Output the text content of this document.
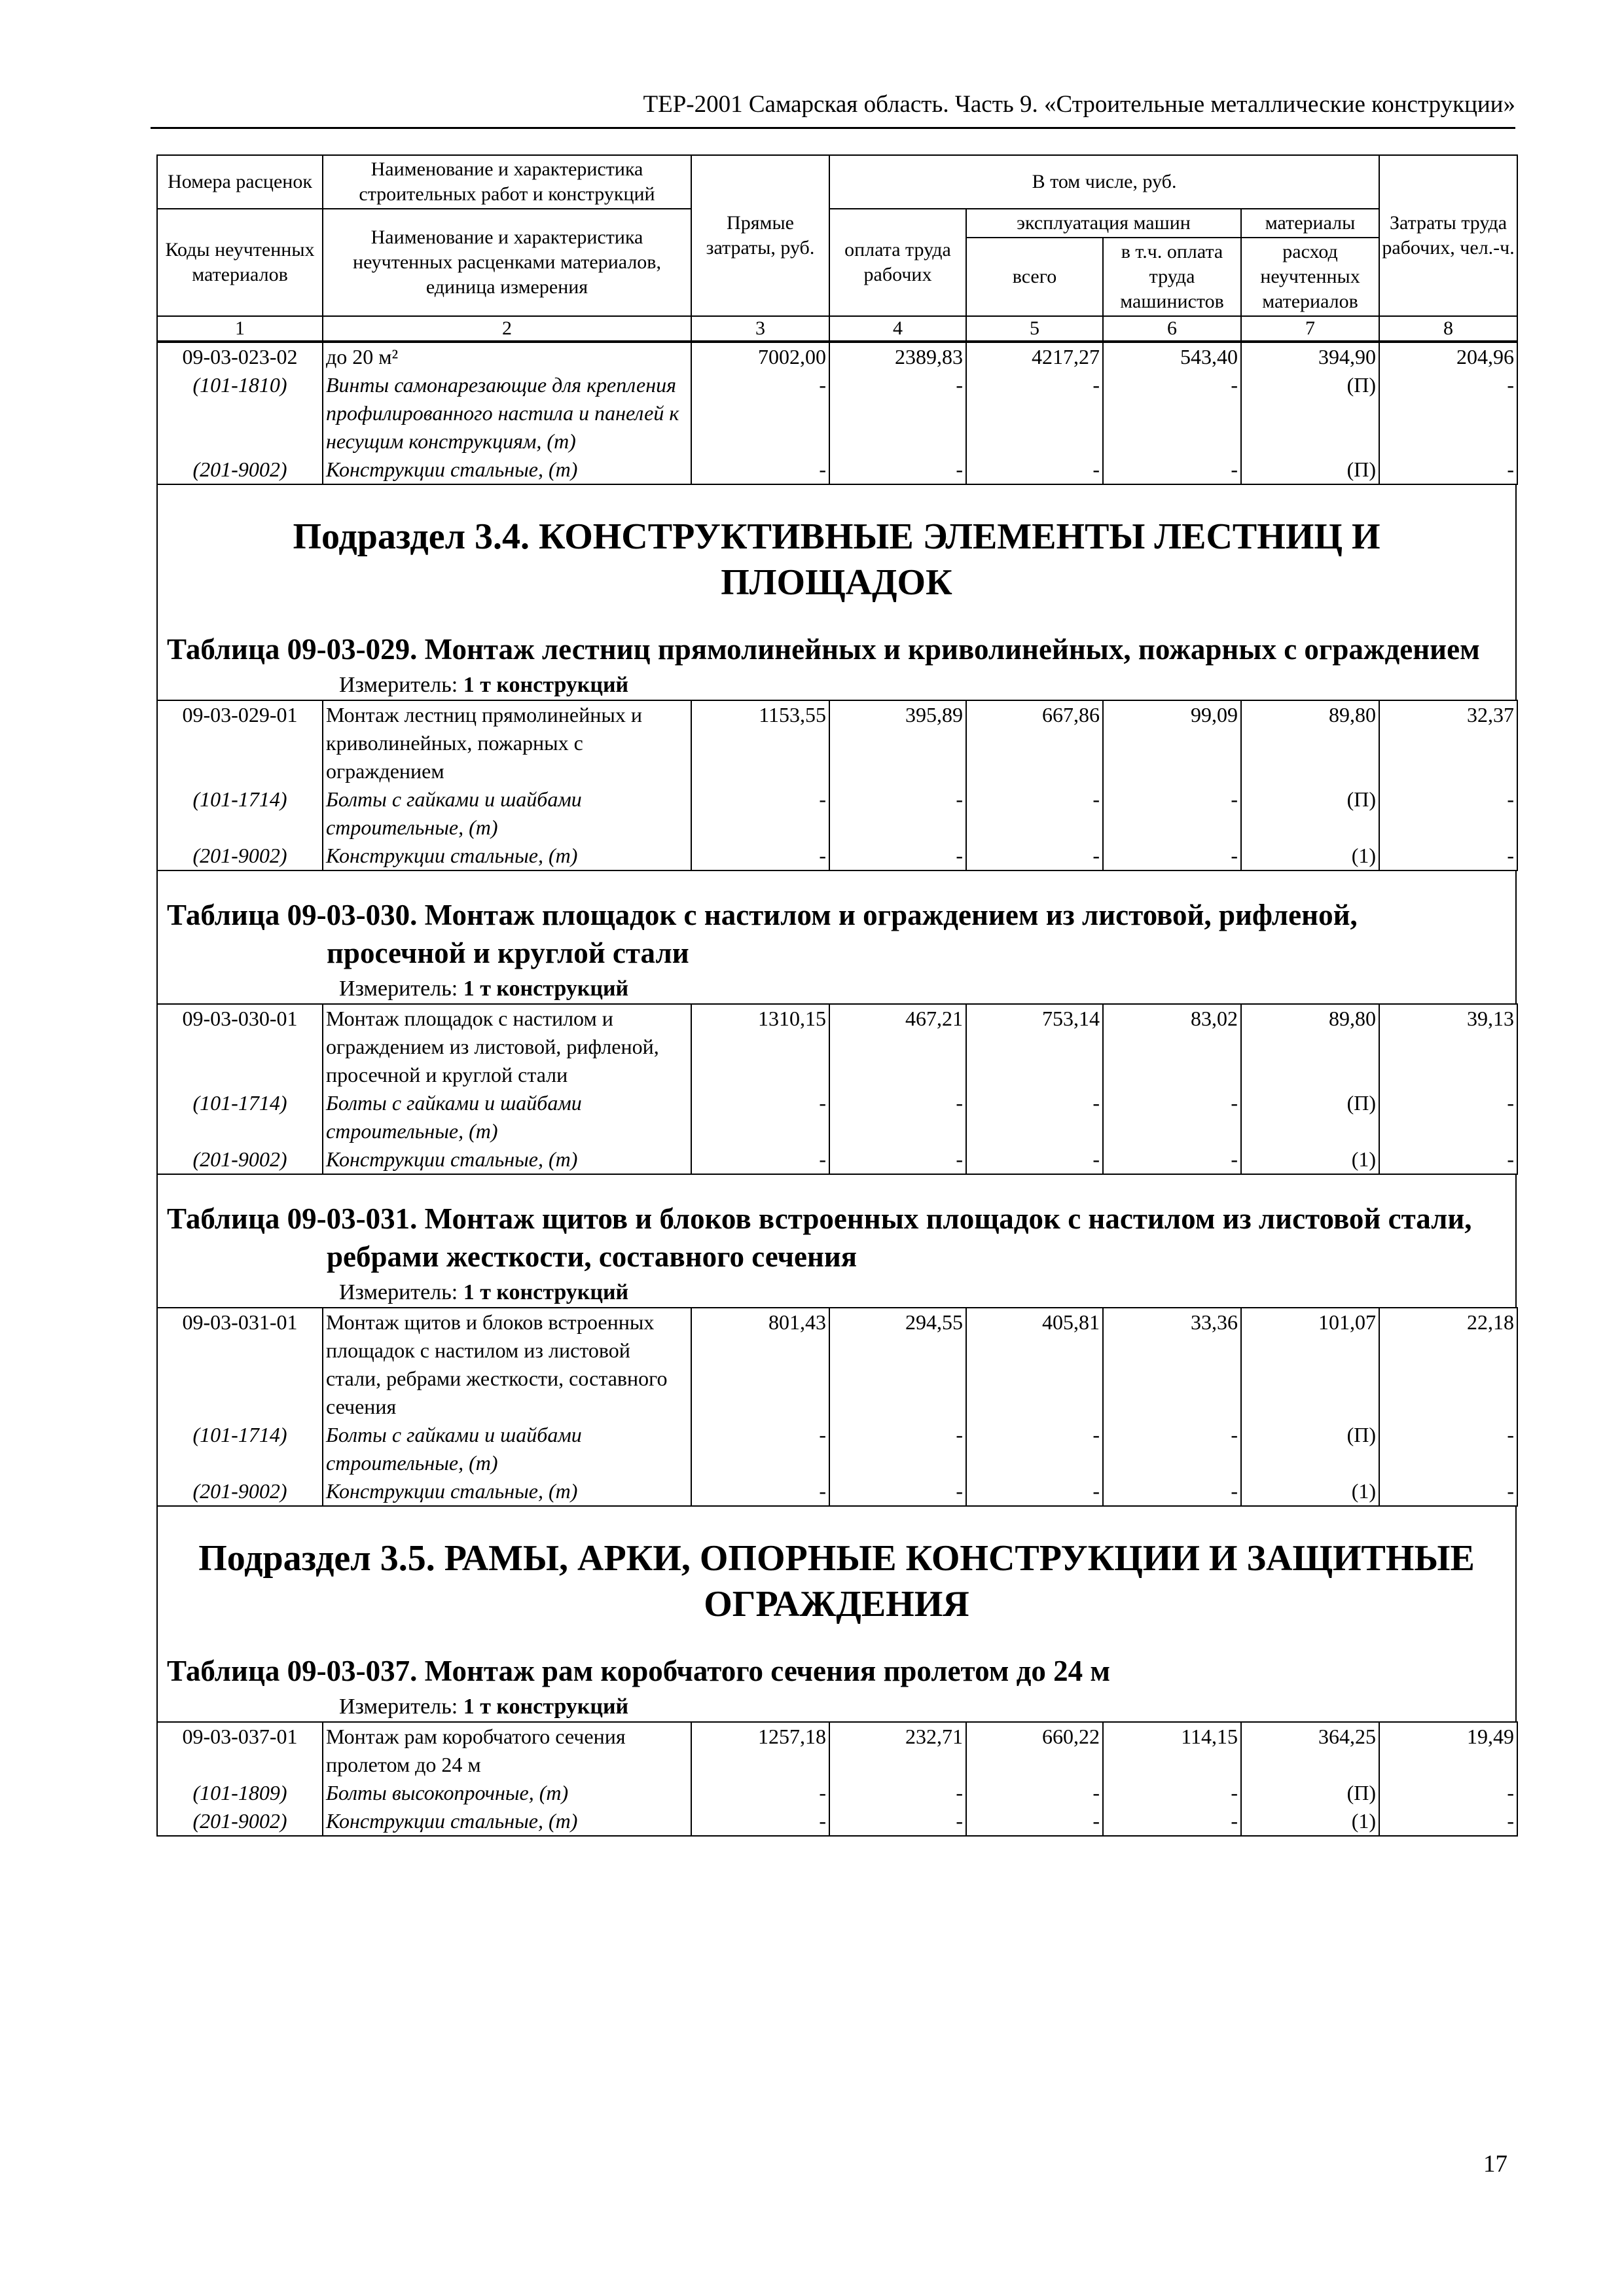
ТЕР-2001 Самарская область. Часть 9. «Строительные металлические конструкции»
Номера расценок	Наименование и характеристика строительных работ и конструкций	Прямые затраты, руб.	В том числе, руб.				Затраты труда рабочих, чел.-ч.
Коды неучтенных материалов	Наименование и характеристика неучтенных расценками материалов, единица измерения		оплата труда рабочих	эксплуатация машин		материалы	
				всего	в т.ч. оплата труда машинистов	расход неучтенных материалов	
1	2	3	4	5	6	7	8
09-03-023-02	до 20 м²	7002,00	2389,83	4217,27	543,40	394,90	204,96
(101-1810)	Винты самонарезающие для крепления профилированного настила и панелей к несущим конструкциям, (т)	-	-	-	-	(П)	-
(201-9002)	Конструкции стальные, (т)	-	-	-	-	(П)	-
Подраздел 3.4. КОНСТРУКТИВНЫЕ ЭЛЕМЕНТЫ ЛЕСТНИЦ И ПЛОЩАДОК
Таблица 09-03-029. Монтаж лестниц прямолинейных и криволинейных, пожарных с ограждением
Измеритель: 1 т конструкций
09-03-029-01	Монтаж лестниц прямолинейных и криволинейных, пожарных с ограждением	1153,55	395,89	667,86	99,09	89,80	32,37
(101-1714)	Болты с гайками и шайбами строительные, (т)	-	-	-	-	(П)	-
(201-9002)	Конструкции стальные, (т)	-	-	-	-	(1)	-
Таблица 09-03-030. Монтаж площадок с настилом и ограждением из листовой, рифленой, просечной и круглой стали
Измеритель: 1 т конструкций
09-03-030-01	Монтаж площадок с настилом и ограждением из листовой, рифленой, просечной и круглой стали	1310,15	467,21	753,14	83,02	89,80	39,13
(101-1714)	Болты с гайками и шайбами строительные, (т)	-	-	-	-	(П)	-
(201-9002)	Конструкции стальные, (т)	-	-	-	-	(1)	-
Таблица 09-03-031. Монтаж щитов и блоков встроенных площадок с настилом из листовой стали, ребрами жесткости, составного сечения
Измеритель: 1 т конструкций
09-03-031-01	Монтаж щитов и блоков встроенных площадок с настилом из листовой стали, ребрами жесткости, составного сечения	801,43	294,55	405,81	33,36	101,07	22,18
(101-1714)	Болты с гайками и шайбами строительные, (т)	-	-	-	-	(П)	-
(201-9002)	Конструкции стальные, (т)	-	-	-	-	(1)	-
Подраздел 3.5. РАМЫ, АРКИ, ОПОРНЫЕ КОНСТРУКЦИИ И ЗАЩИТНЫЕ ОГРАЖДЕНИЯ
Таблица 09-03-037. Монтаж рам коробчатого сечения пролетом до 24 м
Измеритель: 1 т конструкций
09-03-037-01	Монтаж рам коробчатого сечения пролетом до 24 м	1257,18	232,71	660,22	114,15	364,25	19,49
(101-1809)	Болты высокопрочные, (т)	-	-	-	-	(П)	-
(201-9002)	Конструкции стальные, (т)	-	-	-	-	(1)	-
17
